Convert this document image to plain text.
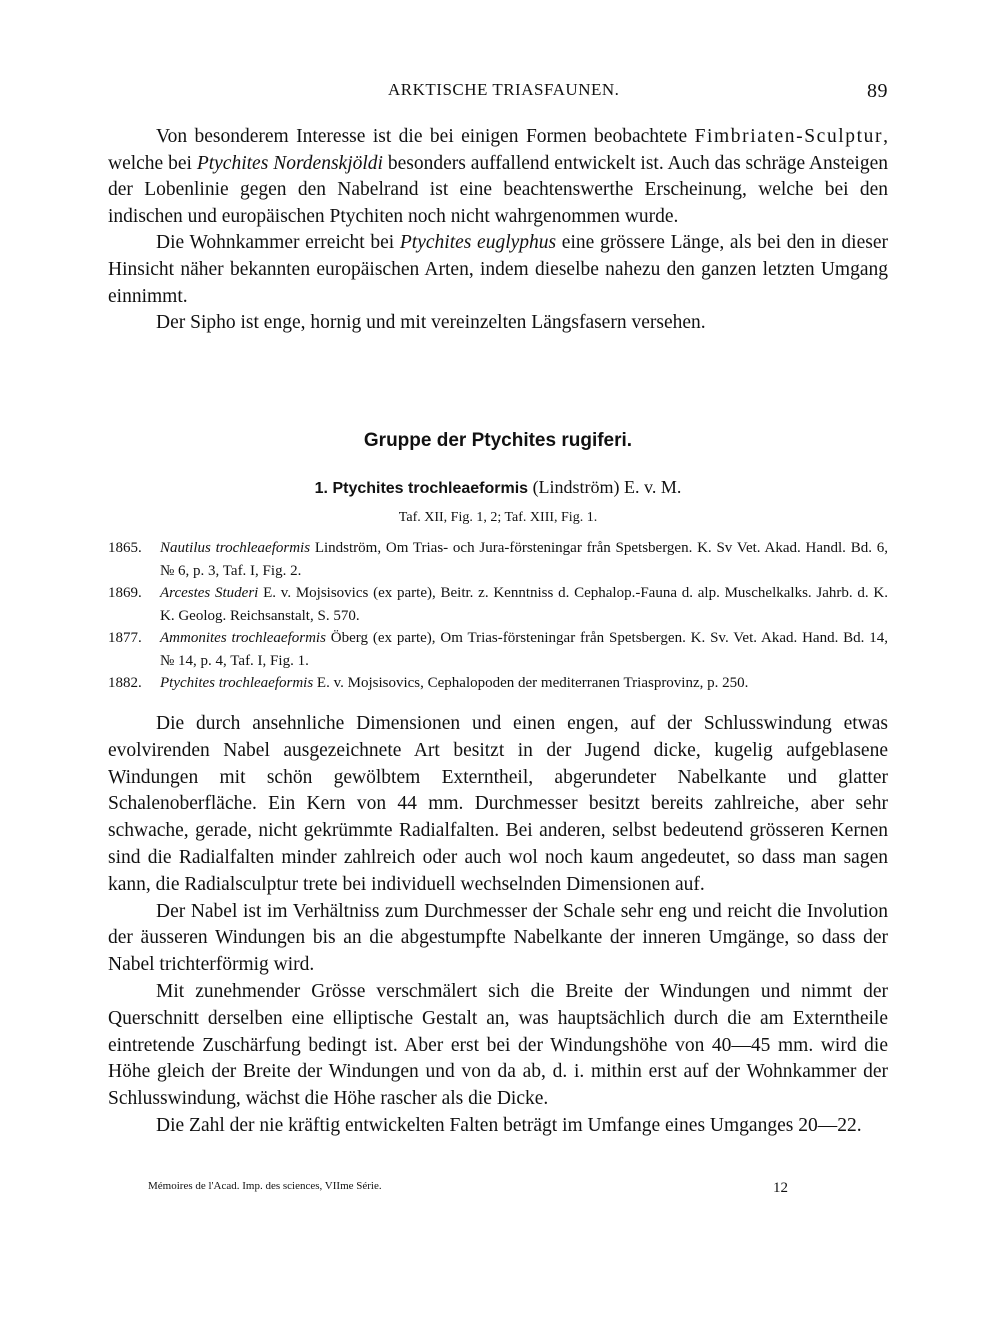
ARKTISCHE TRIASFAUNEN.	89

Von besonderem Interesse ist die bei einigen Formen beobachtete Fimbriaten-Sculptur, welche bei Ptychites Nordenskjöldi besonders auffallend entwickelt ist. Auch das schräge Ansteigen der Lobenlinie gegen den Nabelrand ist eine beachtenswerthe Erscheinung, welche bei den indischen und europäischen Ptychiten noch nicht wahrgenommen wurde.

Die Wohnkammer erreicht bei Ptychites euglyphus eine grössere Länge, als bei den in dieser Hinsicht näher bekannten europäischen Arten, indem dieselbe nahezu den ganzen letzten Umgang einnimmt.

Der Sipho ist enge, hornig und mit vereinzelten Längsfasern versehen.

Gruppe der Ptychites rugiferi.
1. Ptychites trochleaeformis (Lindström) E. v. M.
Taf. XII, Fig. 1, 2; Taf. XIII, Fig. 1.
1865. Nautilus trochleaeformis Lindström, Om Trias- och Jura-försteningar från Spetsbergen. K. Sv Vet. Akad. Handl. Bd. 6, № 6, p. 3, Taf. I, Fig. 2.
1869. Arcestes Studeri E. v. Mojsisovics (ex parte), Beitr. z. Kenntniss d. Cephalop.-Fauna d. alp. Muschelkalks. Jahrb. d. K. K. Geolog. Reichsanstalt, S. 570.
1877. Ammonites trochleaeformis Öberg (ex parte), Om Trias-försteningar från Spetsbergen. K. Sv. Vet. Akad. Hand. Bd. 14, № 14, p. 4, Taf. I, Fig. 1.
1882. Ptychites trochleaeformis E. v. Mojsisovics, Cephalopoden der mediterranen Triasprovinz, p. 250.

Die durch ansehnliche Dimensionen und einen engen, auf der Schlusswindung etwas evolvirenden Nabel ausgezeichnete Art besitzt in der Jugend dicke, kugelig aufgeblasene Windungen mit schön gewölbtem Externtheil, abgerundeter Nabelkante und glatter Schalenoberfläche. Ein Kern von 44 mm. Durchmesser besitzt bereits zahlreiche, aber sehr schwache, gerade, nicht gekrümmte Radialfalten. Bei anderen, selbst bedeutend grösseren Kernen sind die Radialfalten minder zahlreich oder auch wol noch kaum angedeutet, so dass man sagen kann, die Radialsculptur trete bei individuell wechselnden Dimensionen auf.

Der Nabel ist im Verhältniss zum Durchmesser der Schale sehr eng und reicht die Involution der äusseren Windungen bis an die abgestumpfte Nabelkante der inneren Umgänge, so dass der Nabel trichterförmig wird.

Mit zunehmender Grösse verschmälert sich die Breite der Windungen und nimmt der Querschnitt derselben eine elliptische Gestalt an, was hauptsächlich durch die am Externtheile eintretende Zuschärfung bedingt ist. Aber erst bei der Windungshöhe von 40—45 mm. wird die Höhe gleich der Breite der Windungen und von da ab, d. i. mithin erst auf der Wohnkammer der Schlusswindung, wächst die Höhe rascher als die Dicke.

Die Zahl der nie kräftig entwickelten Falten beträgt im Umfange eines Umganges 20—22.

Mémoires de l'Acad. Imp. des sciences, VIIme Série.	12
